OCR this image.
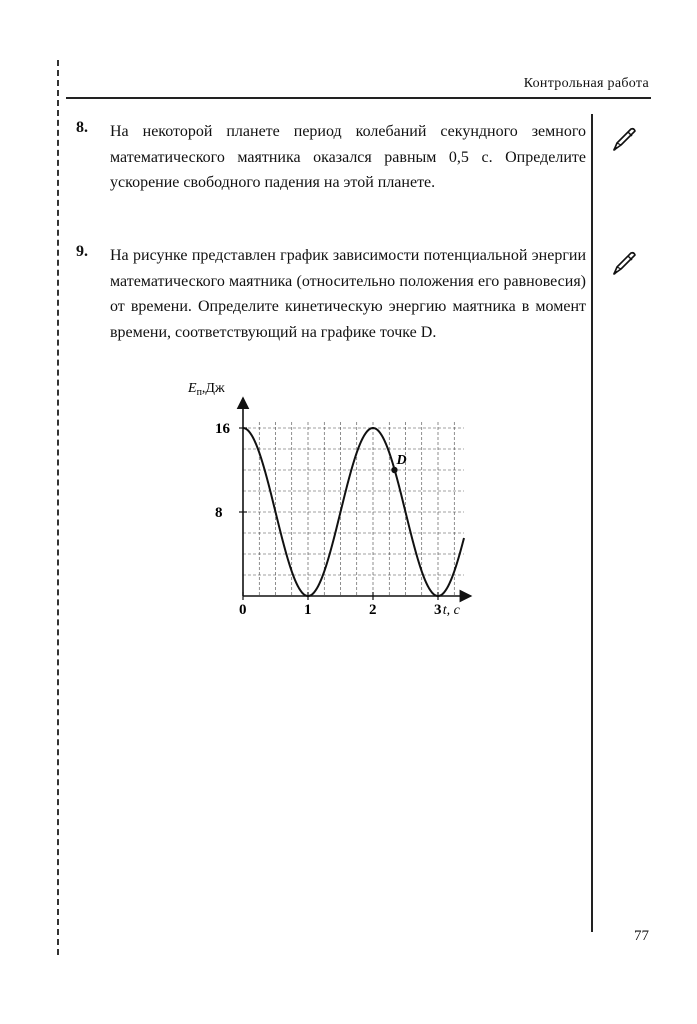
Контрольная работа
8. На некоторой планете период колебаний секундного земного математического маятника оказался равным 0,5 с. Определите ускорение свободного падения на этой планете.
9. На рисунке представлен график зависимости потенциальной энергии математического маятника (относительно положения его равновесия) от времени. Определите кинетическую энергию маятника в момент времени, соответствующий на графике точке D.
0	1	2	3
16
8
D
$E_п,Дж$
t, с
77
